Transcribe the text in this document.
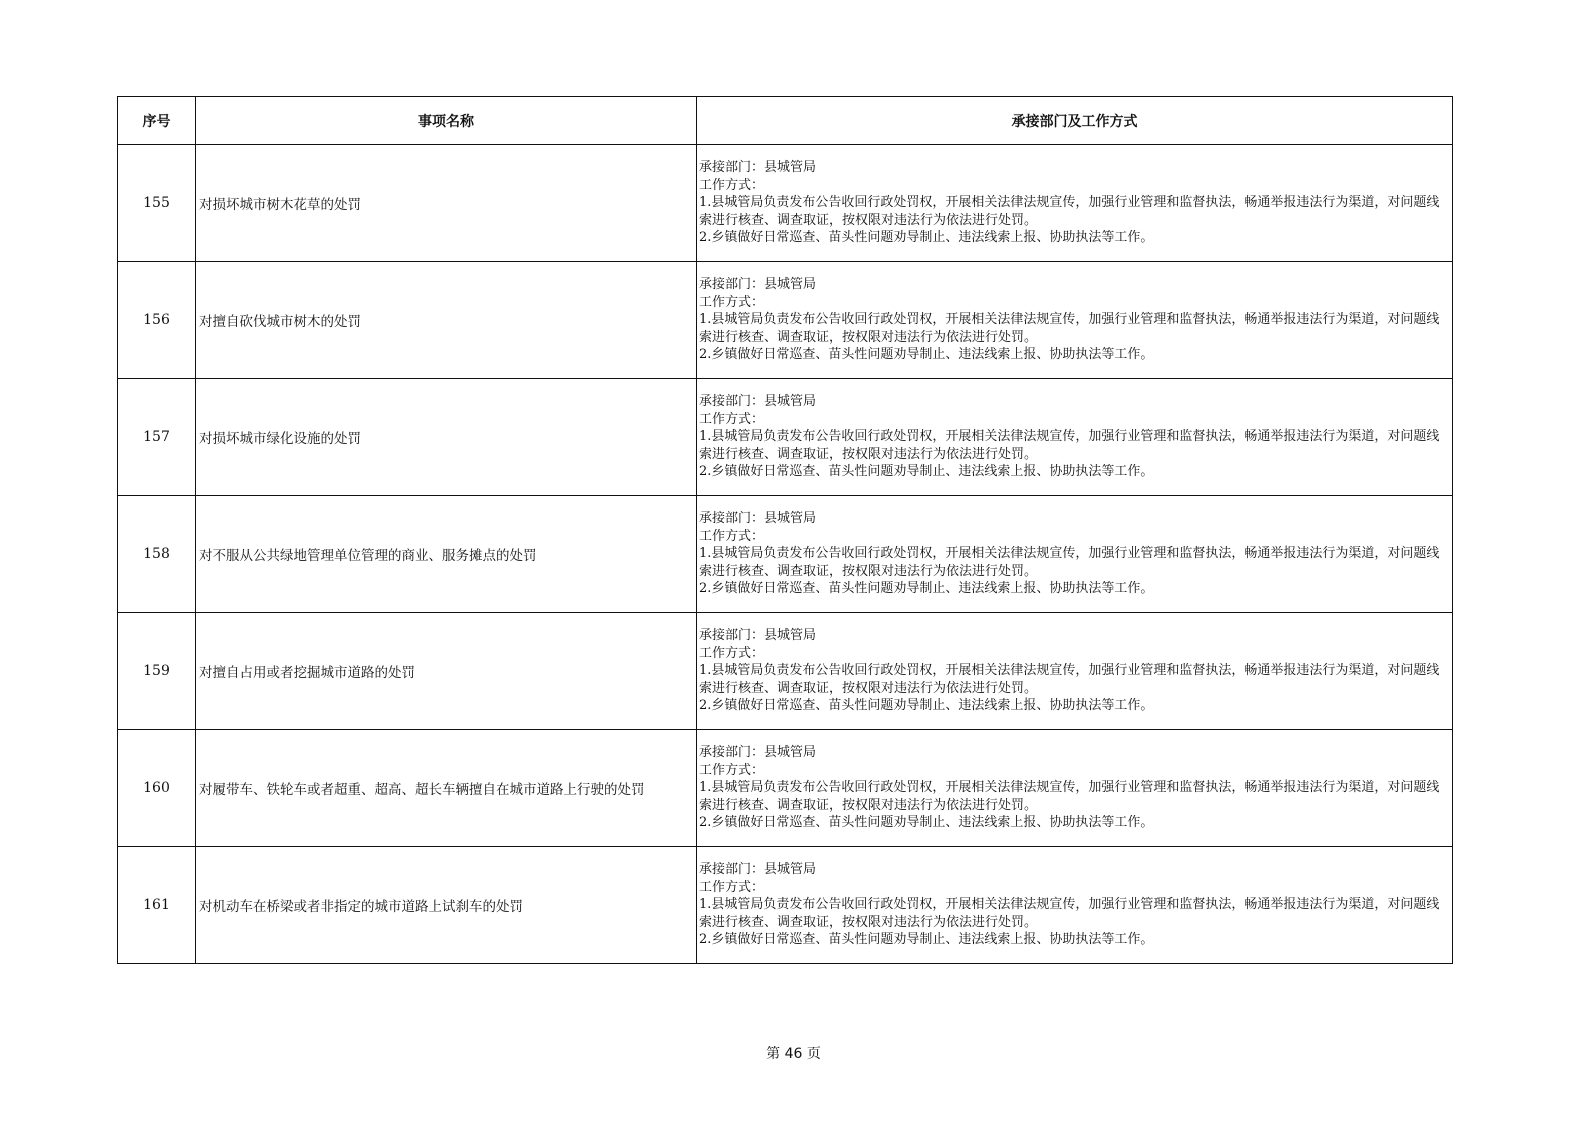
序号	事项名称	承接部门及工作方式
155	对损坏城市树木花草的处罚	承接部门：县城管局
工作方式：
1.县城管局负责发布公告收回行政处罚权，开展相关法律法规宣传，加强行业管理和监督执法，畅通举报违法行为渠道，对问题线索进行核查、调查取证，按权限对违法行为依法进行处罚。
2.乡镇做好日常巡查、苗头性问题劝导制止、违法线索上报、协助执法等工作。

156	对擅自砍伐城市树木的处罚	承接部门：县城管局
工作方式：
1.县城管局负责发布公告收回行政处罚权，开展相关法律法规宣传，加强行业管理和监督执法，畅通举报违法行为渠道，对问题线索进行核查、调查取证，按权限对违法行为依法进行处罚。
2.乡镇做好日常巡查、苗头性问题劝导制止、违法线索上报、协助执法等工作。

157	对损坏城市绿化设施的处罚	承接部门：县城管局
工作方式：
1.县城管局负责发布公告收回行政处罚权，开展相关法律法规宣传，加强行业管理和监督执法，畅通举报违法行为渠道，对问题线索进行核查、调查取证，按权限对违法行为依法进行处罚。
2.乡镇做好日常巡查、苗头性问题劝导制止、违法线索上报、协助执法等工作。

158	对不服从公共绿地管理单位管理的商业、服务摊点的处罚	承接部门：县城管局
工作方式：
1.县城管局负责发布公告收回行政处罚权，开展相关法律法规宣传，加强行业管理和监督执法，畅通举报违法行为渠道，对问题线索进行核查、调查取证，按权限对违法行为依法进行处罚。
2.乡镇做好日常巡查、苗头性问题劝导制止、违法线索上报、协助执法等工作。

159	对擅自占用或者挖掘城市道路的处罚	承接部门：县城管局
工作方式：
1.县城管局负责发布公告收回行政处罚权，开展相关法律法规宣传，加强行业管理和监督执法，畅通举报违法行为渠道，对问题线索进行核查、调查取证，按权限对违法行为依法进行处罚。
2.乡镇做好日常巡查、苗头性问题劝导制止、违法线索上报、协助执法等工作。

160	对履带车、铁轮车或者超重、超高、超长车辆擅自在城市道路上行驶的处罚	承接部门：县城管局
工作方式：
1.县城管局负责发布公告收回行政处罚权，开展相关法律法规宣传，加强行业管理和监督执法，畅通举报违法行为渠道，对问题线索进行核查、调查取证，按权限对违法行为依法进行处罚。
2.乡镇做好日常巡查、苗头性问题劝导制止、违法线索上报、协助执法等工作。

161	对机动车在桥梁或者非指定的城市道路上试刹车的处罚	承接部门：县城管局
工作方式：
1.县城管局负责发布公告收回行政处罚权，开展相关法律法规宣传，加强行业管理和监督执法，畅通举报违法行为渠道，对问题线索进行核查、调查取证，按权限对违法行为依法进行处罚。
2.乡镇做好日常巡查、苗头性问题劝导制止、违法线索上报、协助执法等工作。
第 46 页
